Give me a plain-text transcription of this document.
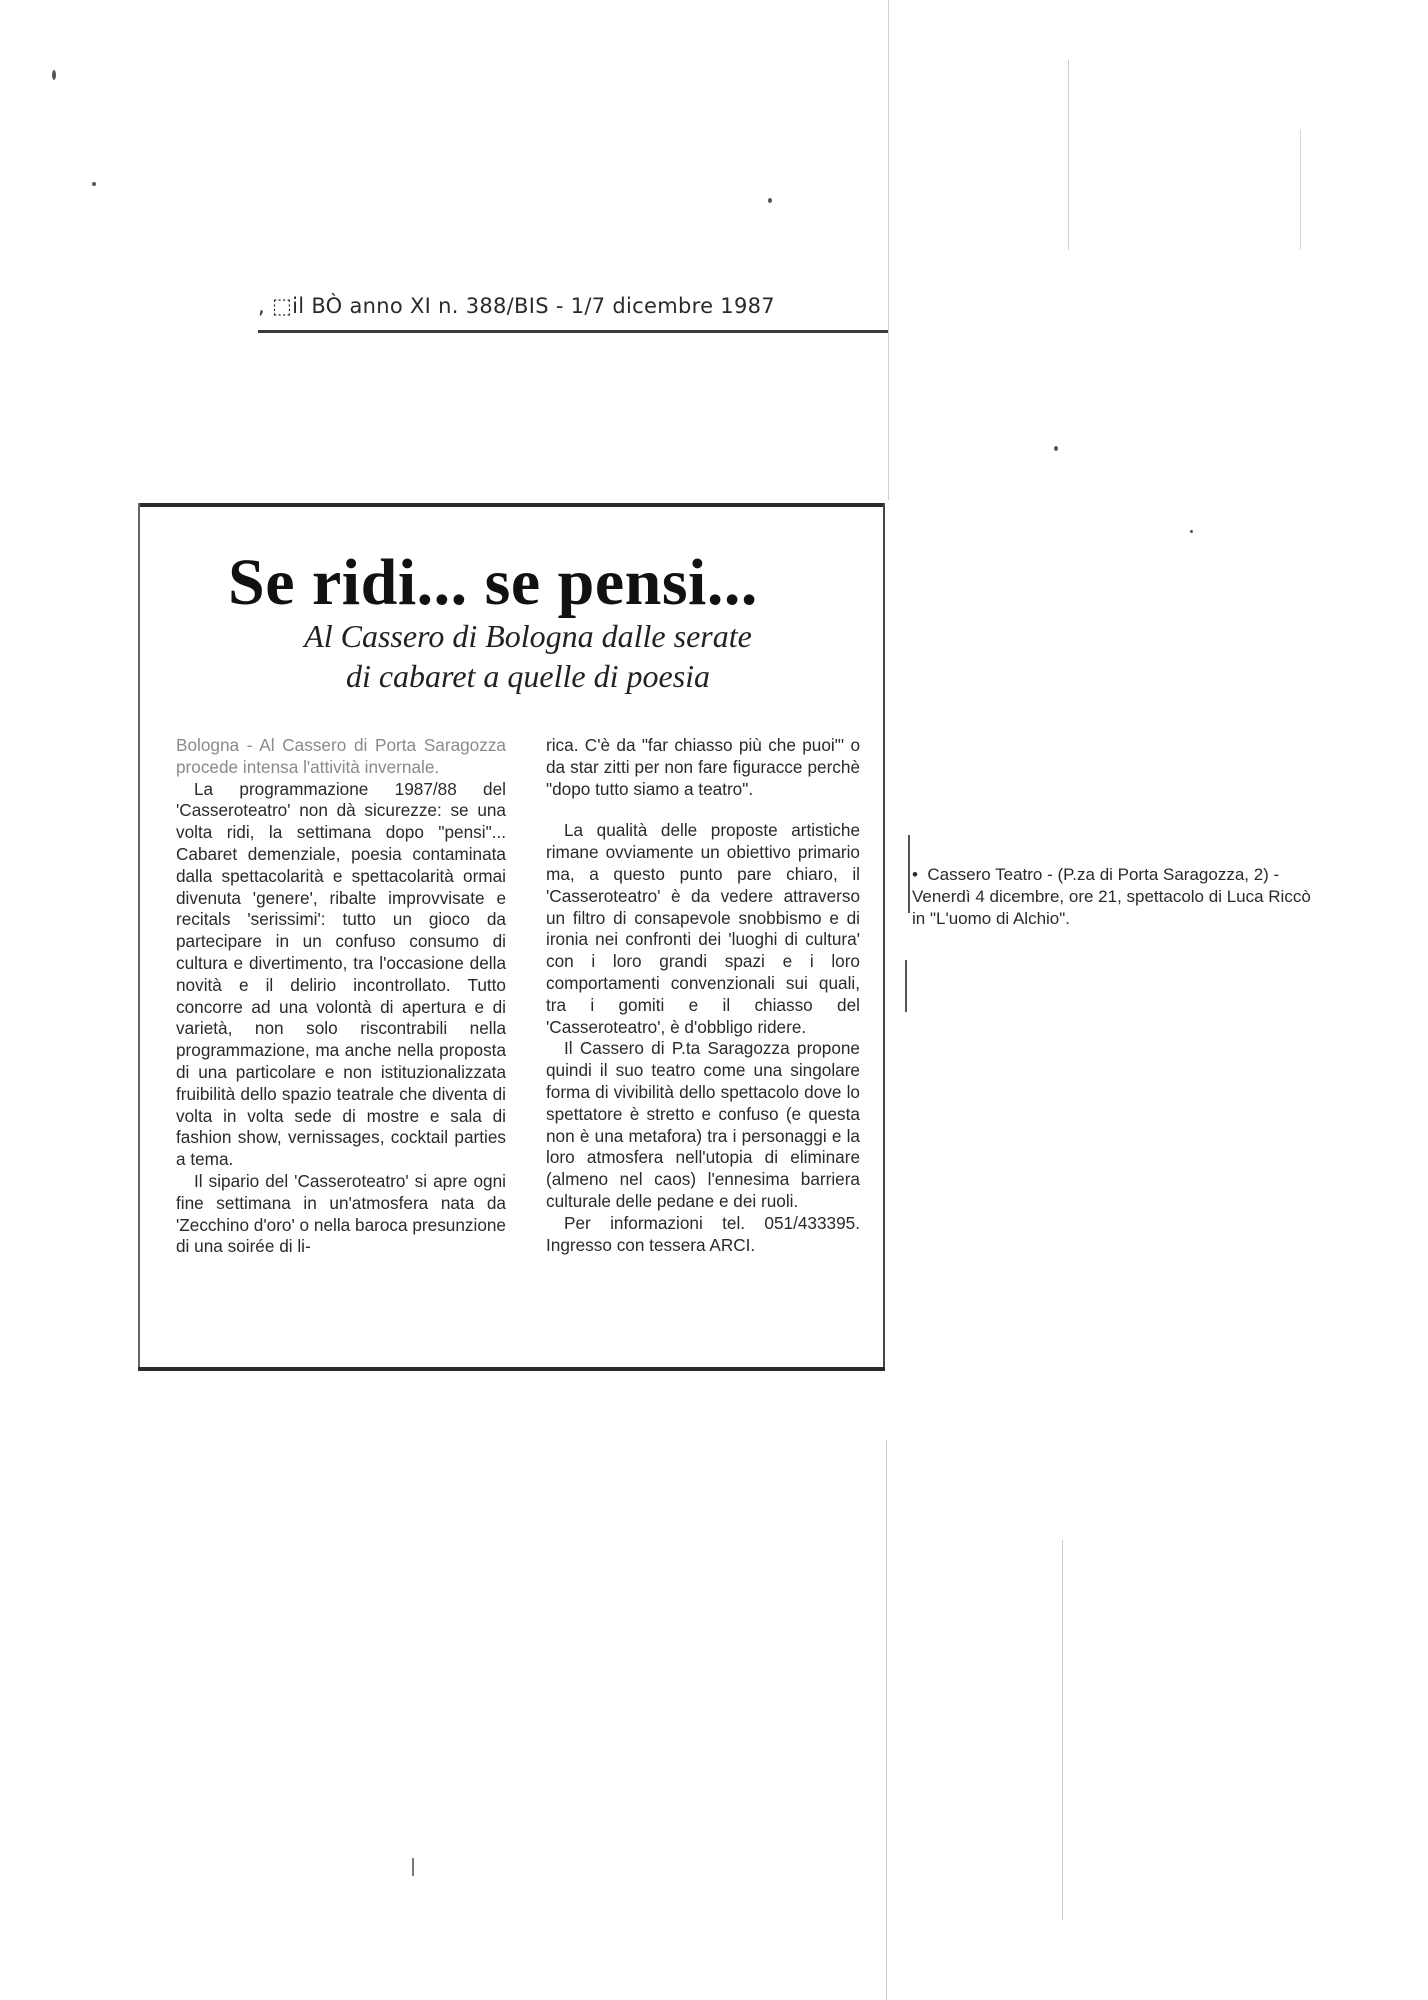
, ⬚il BÒ anno XI n. 388/BIS - 1/7 dicembre 1987
Se ridi... se pensi...
Al Cassero di Bologna dalle serate
di cabaret a quelle di poesia

Bologna - Al Cassero di Porta Saragozza procede intensa l'attività invernale.

La programmazione 1987/88 del 'Casseroteatro' non dà sicurezze: se una volta ridi, la settimana dopo "pensi"... Cabaret demenziale, poesia contaminata dalla spettacolarità e spettacolarità ormai divenuta 'genere', ribalte improvvisate e recitals 'serissimi': tutto un gioco da partecipare in un confuso consumo di cultura e divertimento, tra l'occasione della novità e il delirio incontrollato. Tutto concorre ad una volontà di apertura e di varietà, non solo riscontrabili nella programmazione, ma anche nella proposta di una particolare e non istituzionalizzata fruibilità dello spazio teatrale che diventa di volta in volta sede di mostre e sala di fashion show, vernissages, cocktail parties a tema.

Il sipario del 'Casseroteatro' si apre ogni fine settimana in un'atmosfera nata da 'Zecchino d'oro' o nella baroca presunzione di una soirée di li-

rica. C'è da "far chiasso più che puoi"' o da star zitti per non fare figuracce perchè "dopo tutto siamo a teatro".

La qualità delle proposte artistiche rimane ovviamente un obiettivo primario ma, a questo punto pare chiaro, il 'Casseroteatro' è da vedere attraverso un filtro di consapevole snobbismo e di ironia nei confronti dei 'luoghi di cultura' con i loro grandi spazi e i loro comportamenti convenzionali sui quali, tra i gomiti e il chiasso del 'Casseroteatro', è d'obbligo ridere.

Il Cassero di P.ta Saragozza propone quindi il suo teatro come una singolare forma di vivibilità dello spettacolo dove lo spettatore è stretto e confuso (e questa non è una metafora) tra i personaggi e la loro atmosfera nell'utopia di eliminare (almeno nel caos) l'ennesima barriera culturale delle pedane e dei ruoli.

Per informazioni tel. 051/433395. Ingresso con tessera ARCI.

• Cassero Teatro - (P.za di Porta Saragozza, 2) - Venerdì 4 dicembre, ore 21, spettacolo di Luca Riccò in "L'uomo di Alchio".
